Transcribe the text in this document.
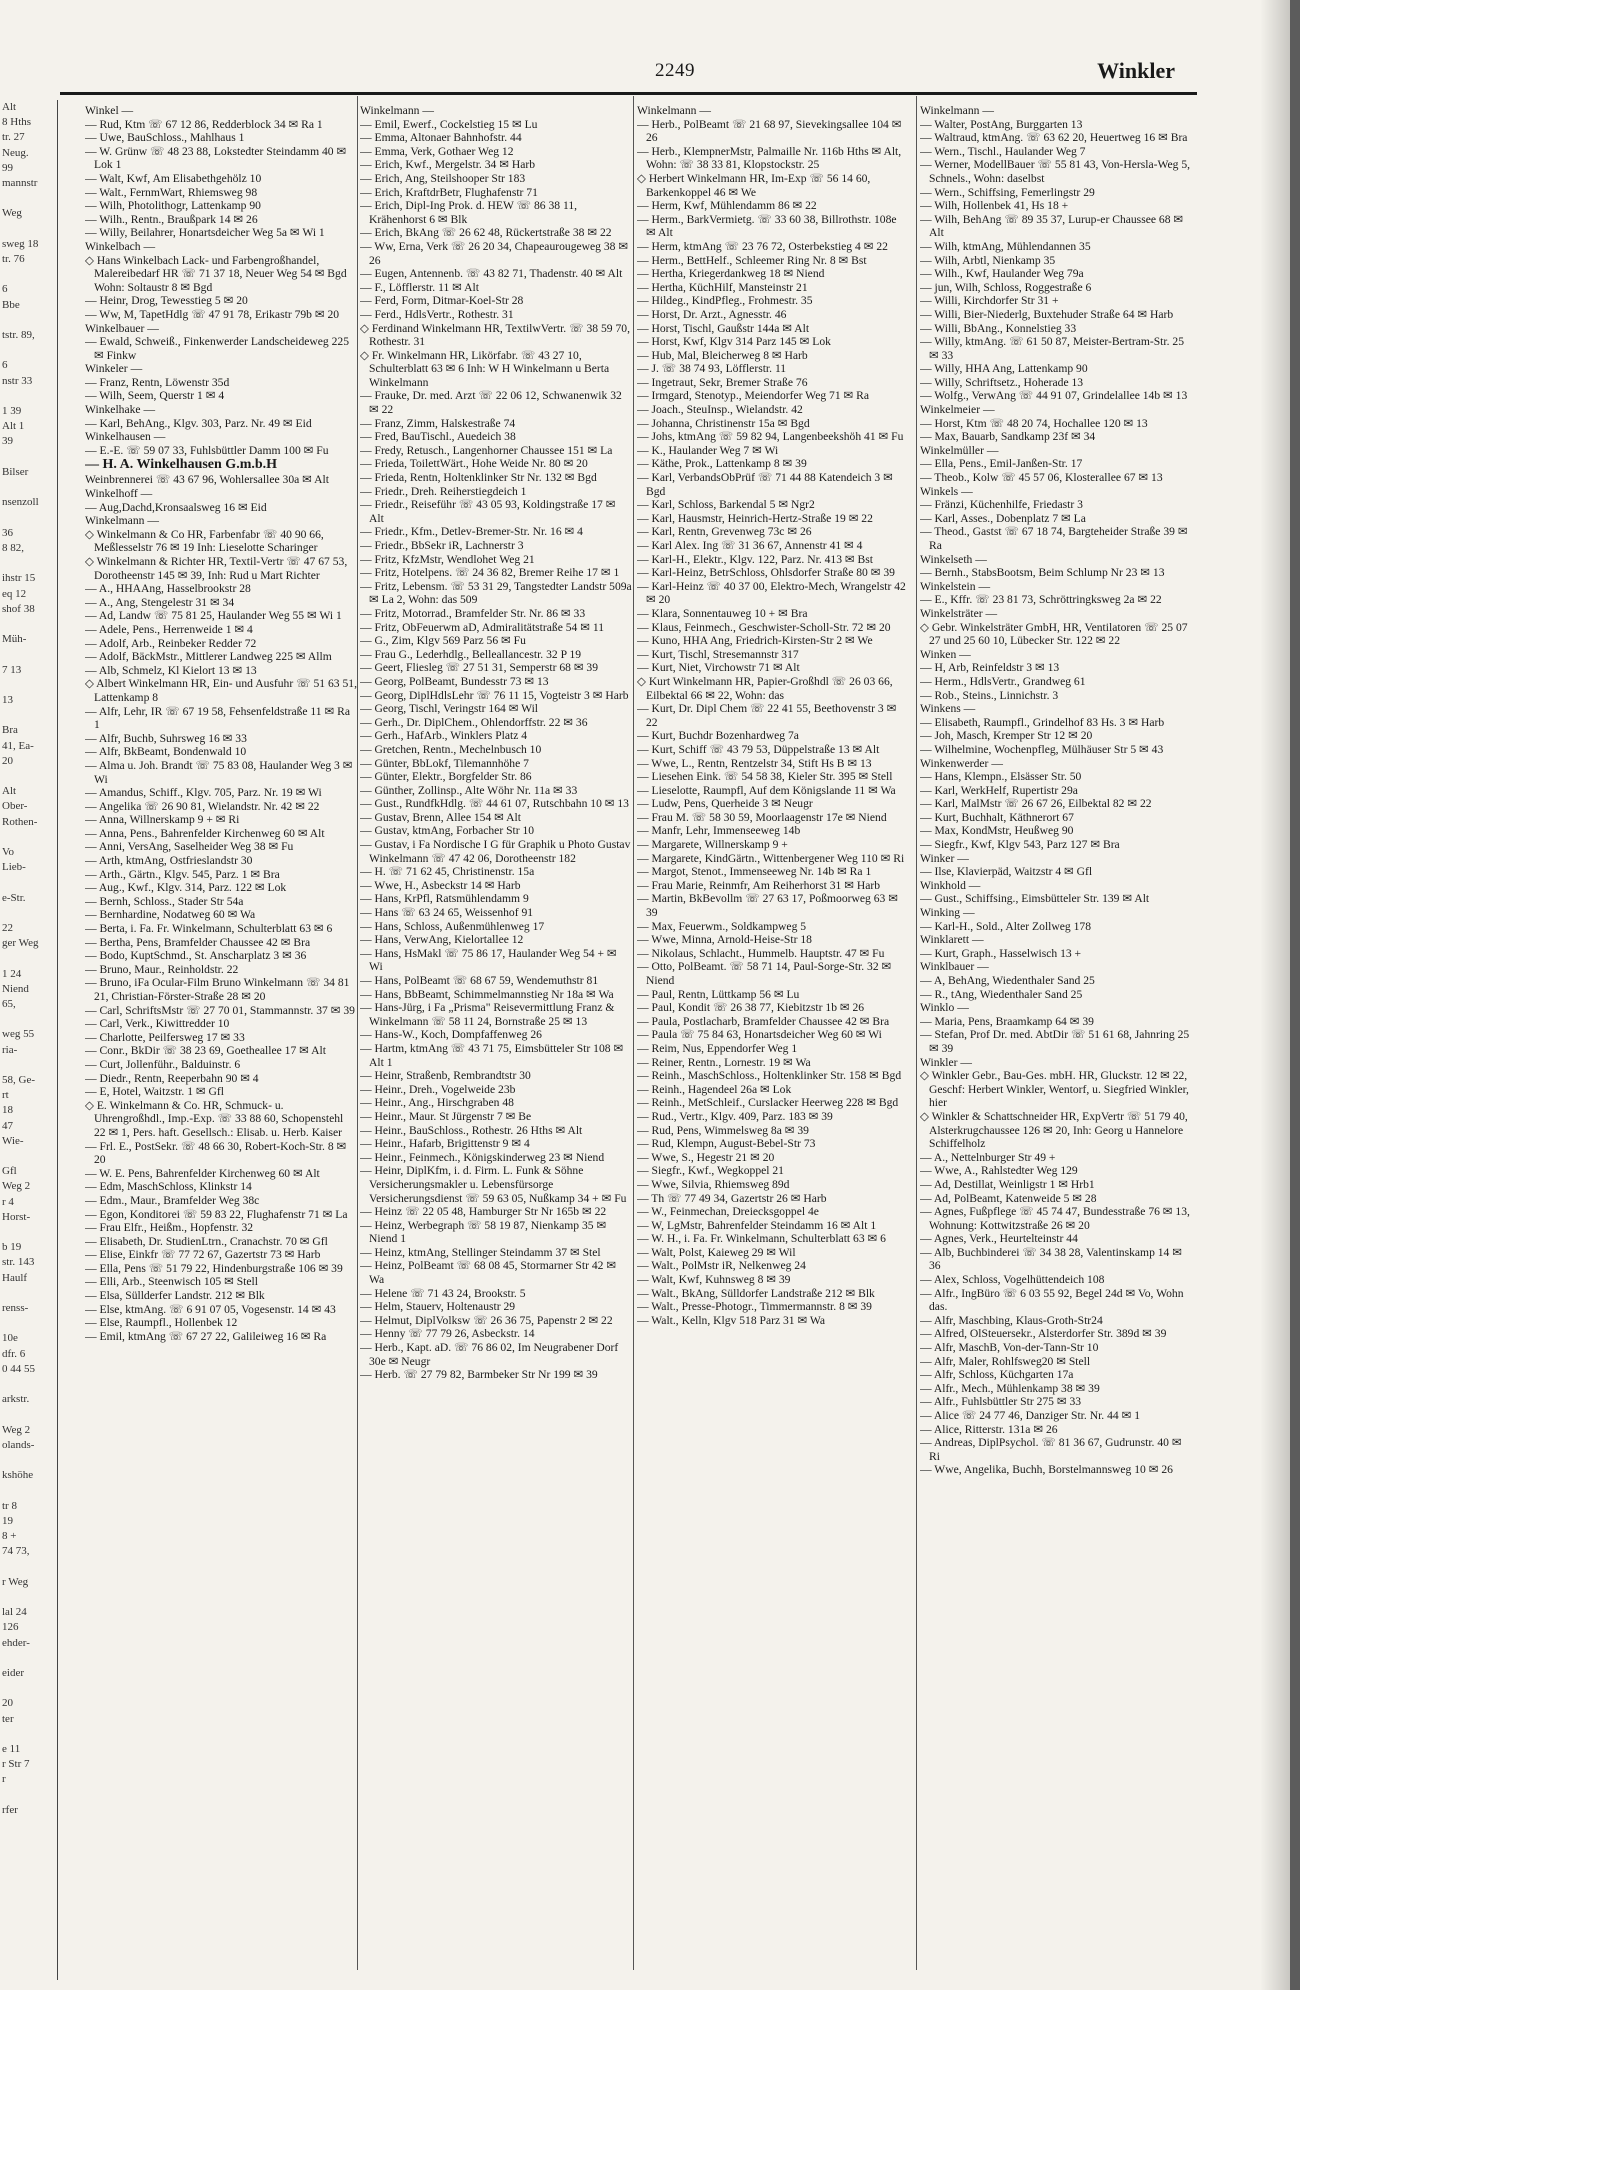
2249	Winkler
Alt
8 Hths
tr. 27
Neug.
99
mannstr

Weg

sweg 18
tr. 76

6
Bbe

tstr. 89,

6
nstr 33

1 39
Alt 1
39

Bilser

nsenzoll

36
8 82,

ihstr 15
eq 12
shof 38

Müh-

7 13

13

Bra
41, Ea-
20

Alt
Ober-
Rothen-

Vo
Lieb-

e-Str.

22
ger Weg

1 24
Niend
65,

weg 55
ria-

58, Ge-
rt
18
47
Wie-

Gfl
Weg 2
r 4
Horst-

b 19
str. 143
Haulf

renss-

10e
dfr. 6
0 44 55

arkstr.

Weg 2
olands-

kshöhe

tr 8
19
8 +
74 73,

r Weg

lal 24
126
ehder-

eider

20
ter

e 11
r Str 7
r

rfer

Winkel —

— Rud, Ktm ☏ 67 12 86, Redderblock 34 ✉ Ra 1

— Uwe, BauSchloss., Mahlhaus 1

— W. Grünw ☏ 48 23 88, Lokstedter Steindamm 40 ✉ Lok 1

— Walt, Kwf, Am Elisabethgehölz 10

— Walt., FernmWart, Rhiemsweg 98

— Wilh, Photolithogr, Lattenkamp 90

— Wilh., Rentn., Braußpark 14 ✉ 26

— Willy, Beilahrer, Honartsdeicher Weg 5a ✉ Wi 1

Winkelbach —

◇ Hans Winkelbach Lack- und Farbengroßhandel, Malereibedarf HR ☏ 71 37 18, Neuer Weg 54 ✉ Bgd Wohn: Soltaustr 8 ✉ Bgd

— Heinr, Drog, Tewesstieg 5 ✉ 20

— Ww, M, TapetHdlg ☏ 47 91 78, Erikastr 79b ✉ 20

Winkelbauer —

— Ewald, Schweiß., Finkenwerder Landscheideweg 225 ✉ Finkw

Winkeler —

— Franz, Rentn, Löwenstr 35d

— Wilh, Seem, Querstr 1 ✉ 4

Winkelhake —

— Karl, BehAng., Klgv. 303, Parz. Nr. 49 ✉ Eid

Winkelhausen —

— E.-E. ☏ 59 07 33, Fuhlsbüttler Damm 100 ✉ Fu

— H. A. Winkelhausen G.m.b.H

Weinbrennerei ☏ 43 67 96, Wohlersallee 30a ✉ Alt

Winkelhoff —

— Aug,Dachd,Kronsaalsweg 16 ✉ Eid

Winkelmann —

◇ Winkelmann & Co HR, Farbenfabr ☏ 40 90 66, Meßlesselstr 76 ✉ 19 Inh: Lieselotte Scharinger

◇ Winkelmann & Richter HR, Textil-Vertr ☏ 47 67 53, Dorotheenstr 145 ✉ 39, Inh: Rud u Mart Richter

— A., HHAAng, Hasselbrookstr 28

— A., Ang, Stengelestr 31 ✉ 34

— Ad, Landw ☏ 75 81 25, Haulander Weg 55 ✉ Wi 1

— Adele, Pens., Herrenweide 1 ✉ 4

— Adolf, Arb., Reinbeker Redder 72

— Adolf, BäckMstr., Mittlerer Landweg 225 ✉ Allm

— Alb, Schmelz, Kl Kielort 13 ✉ 13

◇ Albert Winkelmann HR, Ein- und Ausfuhr ☏ 51 63 51, Lattenkamp 8

— Alfr, Lehr, IR ☏ 67 19 58, Fehsenfeldstraße 11 ✉ Ra 1

— Alfr, Buchb, Suhrsweg 16 ✉ 33

— Alfr, BkBeamt, Bondenwald 10

— Alma u. Joh. Brandt ☏ 75 83 08, Haulander Weg 3 ✉ Wi

— Amandus, Schiff., Klgv. 705, Parz. Nr. 19 ✉ Wi

— Angelika ☏ 26 90 81, Wielandstr. Nr. 42 ✉ 22

— Anna, Willnerskamp 9 + ✉ Ri

— Anna, Pens., Bahrenfelder Kirchenweg 60 ✉ Alt

— Anni, VersAng, Saselheider Weg 38 ✉ Fu

— Arth, ktmAng, Ostfrieslandstr 30

— Arth., Gärtn., Klgv. 545, Parz. 1 ✉ Bra

— Aug., Kwf., Klgv. 314, Parz. 122 ✉ Lok

— Bernh, Schloss., Stader Str 54a

— Bernhardine, Nodatweg 60 ✉ Wa

— Berta, i. Fa. Fr. Winkelmann, Schulterblatt 63 ✉ 6

— Bertha, Pens, Bramfelder Chaussee 42 ✉ Bra

— Bodo, KuptSchmd., St. Anscharplatz 3 ✉ 36

— Bruno, Maur., Reinholdstr. 22

— Bruno, iFa Ocular-Film Bruno Winkelmann ☏ 34 81 21, Christian-Förster-Straße 28 ✉ 20

— Carl, SchriftsMstr ☏ 27 70 01, Stammannstr. 37 ✉ 39

— Carl, Verk., Kiwittredder 10

— Charlotte, Peilfersweg 17 ✉ 33

— Conr., BkDir ☏ 38 23 69, Goetheallee 17 ✉ Alt

— Curt, Jollenführ., Balduinstr. 6

— Diedr., Rentn, Reeperbahn 90 ✉ 4

— E, Hotel, Waitzstr. 1 ✉ Gfl

◇ E. Winkelmann & Co. HR, Schmuck- u. Uhrengroßhdl., Imp.-Exp. ☏ 33 88 60, Schopenstehl 22 ✉ 1, Pers. haft. Gesellsch.: Elisab. u. Herb. Kaiser

— Frl. E., PostSekr. ☏ 48 66 30, Robert-Koch-Str. 8 ✉ 20

— W. E. Pens, Bahrenfelder Kirchenweg 60 ✉ Alt

— Edm, MaschSchloss, Klinkstr 14

— Edm., Maur., Bramfelder Weg 38c

— Egon, Konditorei ☏ 59 83 22, Flughafenstr 71 ✉ La

— Frau Elfr., Heißm., Hopfenstr. 32

— Elisabeth, Dr. StudienLtrn., Cranachstr. 70 ✉ Gfl

— Elise, Einkfr ☏ 77 72 67, Gazertstr 73 ✉ Harb

— Ella, Pens ☏ 51 79 22, Hindenburgstraße 106 ✉ 39

— Elli, Arb., Steenwisch 105 ✉ Stell

— Elsa, Süllderfer Landstr. 212 ✉ Blk

— Else, ktmAng. ☏ 6 91 07 05, Vogesenstr. 14 ✉ 43

— Else, Raumpfl., Hollenbek 12

— Emil, ktmAng ☏ 67 27 22, Galileiweg 16 ✉ Ra

Winkelmann —

— Emil, Ewerf., Cockelstieg 15 ✉ Lu

— Emma, Altonaer Bahnhofstr. 44

— Emma, Verk, Gothaer Weg 12

— Erich, Kwf., Mergelstr. 34 ✉ Harb

— Erich, Ang, Steilshooper Str 183

— Erich, KraftdrBetr, Flughafenstr 71

— Erich, Dipl-Ing Prok. d. HEW ☏ 86 38 11, Krähenhorst 6 ✉ Blk

— Erich, BkAng ☏ 26 62 48, Rückertstraße 38 ✉ 22

— Ww, Erna, Verk ☏ 26 20 34, Chapeaurougeweg 38 ✉ 26

— Eugen, Antennenb. ☏ 43 82 71, Thadenstr. 40 ✉ Alt

— F., Löfflerstr. 11 ✉ Alt

— Ferd, Form, Ditmar-Koel-Str 28

— Ferd., HdlsVertr., Rothestr. 31

◇ Ferdinand Winkelmann HR, TextilwVertr. ☏ 38 59 70, Rothestr. 31

◇ Fr. Winkelmann HR, Likörfabr. ☏ 43 27 10, Schulterblatt 63 ✉ 6 Inh: W H Winkelmann u Berta Winkelmann

— Frauke, Dr. med. Arzt ☏ 22 06 12, Schwanenwik 32 ✉ 22

— Franz, Zimm, Halskestraße 74

— Fred, BauTischl., Auedeich 38

— Fredy, Retusch., Langenhorner Chaussee 151 ✉ La

— Frieda, ToilettWärt., Hohe Weide Nr. 80 ✉ 20

— Frieda, Rentn, Holtenklinker Str Nr. 132 ✉ Bgd

— Friedr., Dreh. Reiherstiegdeich 1

— Friedr., Reiseführ ☏ 43 05 93, Koldingstraße 17 ✉ Alt

— Friedr., Kfm., Detlev-Bremer-Str. Nr. 16 ✉ 4

— Friedr., BbSekr iR, Lachnerstr 3

— Fritz, KfzMstr, Wendlohet Weg 21

— Fritz, Hotelpens. ☏ 24 36 82, Bremer Reihe 17 ✉ 1

— Fritz, Lebensm. ☏ 53 31 29, Tangstedter Landstr 509a ✉ La 2, Wohn: das 509

— Fritz, Motorrad., Bramfelder Str. Nr. 86 ✉ 33

— Fritz, ObFeuerwm aD, Admiralitätstraße 54 ✉ 11

— G., Zim, Klgv 569 Parz 56 ✉ Fu

— Frau G., Lederhdlg., Belleallancestr. 32 P 19

— Geert, Fliesleg ☏ 27 51 31, Semperstr 68 ✉ 39

— Georg, PolBeamt, Bundesstr 73 ✉ 13

— Georg, DiplHdlsLehr ☏ 76 11 15, Vogteistr 3 ✉ Harb

— Georg, Tischl, Veringstr 164 ✉ Wil

— Gerh., Dr. DiplChem., Ohlendorffstr. 22 ✉ 36

— Gerh., HafArb., Winklers Platz 4

— Gretchen, Rentn., Mechelnbusch 10

— Günter, BbLokf, Tilemannhöhe 7

— Günter, Elektr., Borgfelder Str. 86

— Günther, Zollinsp., Alte Wöhr Nr. 11a ✉ 33

— Gust., RundfkHdlg. ☏ 44 61 07, Rutschbahn 10 ✉ 13

— Gustav, Brenn, Allee 154 ✉ Alt

— Gustav, ktmAng, Forbacher Str 10

— Gustav, i Fa Nordische I G für Graphik u Photo Gustav Winkelmann ☏ 47 42 06, Dorotheenstr 182

— H. ☏ 71 62 45, Christinenstr. 15a

— Wwe, H., Asbeckstr 14 ✉ Harb

— Hans, KrPfl, Ratsmühlendamm 9

— Hans ☏ 63 24 65, Weissenhof 91

— Hans, Schloss, Außenmühlenweg 17

— Hans, VerwAng, Kielortallee 12

— Hans, HsMakl ☏ 75 86 17, Haulander Weg 54 + ✉ Wi

— Hans, PolBeamt ☏ 68 67 59, Wendemuthstr 81

— Hans, BbBeamt, Schimmelmannstieg Nr 18a ✉ Wa

— Hans-Jürg, i Fa „Prisma" Reisevermittlung Franz & Winkelmann ☏ 58 11 24, Bornstraße 25 ✉ 13

— Hans-W., Koch, Dompfaffenweg 26

— Hartm, ktmAng ☏ 43 71 75, Eimsbütteler Str 108 ✉ Alt 1

— Heinr, Straßenb, Rembrandtstr 30

— Heinr., Dreh., Vogelweide 23b

— Heinr., Ang., Hirschgraben 48

— Heinr., Maur. St Jürgenstr 7 ✉ Be

— Heinr., BauSchloss., Rothestr. 26 Hths ✉ Alt

— Heinr., Hafarb, Brigittenstr 9 ✉ 4

— Heinr., Feinmech., Königskinderweg 23 ✉ Niend

— Heinr, DiplKfm, i. d. Firm. L. Funk & Söhne Versicherungsmakler u. Lebensfürsorge Versicherungsdienst ☏ 59 63 05, Nußkamp 34 + ✉ Fu

— Heinz ☏ 22 05 48, Hamburger Str Nr 165b ✉ 22

— Heinz, Werbegraph ☏ 58 19 87, Nienkamp 35 ✉ Niend 1

— Heinz, ktmAng, Stellinger Steindamm 37 ✉ Stel

— Heinz, PolBeamt ☏ 68 08 45, Stormarner Str 42 ✉ Wa

— Helene ☏ 71 43 24, Brookstr. 5

— Helm, Stauerv, Holtenaustr 29

— Helmut, DiplVolksw ☏ 26 36 75, Papenstr 2 ✉ 22

— Henny ☏ 77 79 26, Asbeckstr. 14

— Herb., Kapt. aD. ☏ 76 86 02, Im Neugrabener Dorf 30e ✉ Neugr

— Herb. ☏ 27 79 82, Barmbeker Str Nr 199 ✉ 39

Winkelmann —

— Herb., PolBeamt ☏ 21 68 97, Sievekingsallee 104 ✉ 26

— Herb., KlempnerMstr, Palmaille Nr. 116b Hths ✉ Alt, Wohn: ☏ 38 33 81, Klopstockstr. 25

◇ Herbert Winkelmann HR, Im-Exp ☏ 56 14 60, Barkenkoppel 46 ✉ We

— Herm, Kwf, Mühlendamm 86 ✉ 22

— Herm., BarkVermietg. ☏ 33 60 38, Billrothstr. 108e ✉ Alt

— Herm, ktmAng ☏ 23 76 72, Osterbekstieg 4 ✉ 22

— Herm., BettHelf., Schleemer Ring Nr. 8 ✉ Bst

— Hertha, Kriegerdankweg 18 ✉ Niend

— Hertha, KüchHilf, Mansteinstr 21

— Hildeg., KindPfleg., Frohmestr. 35

— Horst, Dr. Arzt., Agnesstr. 46

— Horst, Tischl, Gaußstr 144a ✉ Alt

— Horst, Kwf, Klgv 314 Parz 145 ✉ Lok

— Hub, Mal, Bleicherweg 8 ✉ Harb

— J. ☏ 38 74 93, Löfflerstr. 11

— Ingetraut, Sekr, Bremer Straße 76

— Irmgard, Stenotyp., Meiendorfer Weg 71 ✉ Ra

— Joach., SteuInsp., Wielandstr. 42

— Johanna, Christinenstr 15a ✉ Bgd

— Johs, ktmAng ☏ 59 82 94, Langenbeekshöh 41 ✉ Fu

— K., Haulander Weg 7 ✉ Wi

— Käthe, Prok., Lattenkamp 8 ✉ 39

— Karl, VerbandsObPrüf ☏ 71 44 88 Katendeich 3 ✉ Bgd

— Karl, Schloss, Barkendal 5 ✉ Ngr2

— Karl, Hausmstr, Heinrich-Hertz-Straße 19 ✉ 22

— Karl, Rentn, Grevenweg 73c ✉ 26

— Karl Alex. Ing ☏ 31 36 67, Annenstr 41 ✉ 4

— Karl-H., Elektr., Klgv. 122, Parz. Nr. 413 ✉ Bst

— Karl-Heinz, BetrSchloss, Ohlsdorfer Straße 80 ✉ 39

— Karl-Heinz ☏ 40 37 00, Elektro-Mech, Wrangelstr 42 ✉ 20

— Klara, Sonnentauweg 10 + ✉ Bra

— Klaus, Feinmech., Geschwister-Scholl-Str. 72 ✉ 20

— Kuno, HHA Ang, Friedrich-Kirsten-Str 2 ✉ We

— Kurt, Tischl, Stresemannstr 317

— Kurt, Niet, Virchowstr 71 ✉ Alt

◇ Kurt Winkelmann HR, Papier-Großhdl ☏ 26 03 66, Eilbektal 66 ✉ 22, Wohn: das

— Kurt, Dr. Dipl Chem ☏ 22 41 55, Beethovenstr 3 ✉ 22

— Kurt, Buchdr Bozenhardweg 7a

— Kurt, Schiff ☏ 43 79 53, Düppelstraße 13 ✉ Alt

— Wwe, L., Rentn, Rentzelstr 34, Stift Hs B ✉ 13

— Liesehen Eink. ☏ 54 58 38, Kieler Str. 395 ✉ Stell

— Lieselotte, Raumpfl, Auf dem Königslande 11 ✉ Wa

— Ludw, Pens, Querheide 3 ✉ Neugr

— Frau M. ☏ 58 30 59, Moorlaagenstr 17e ✉ Niend

— Manfr, Lehr, Immenseeweg 14b

— Margarete, Willnerskamp 9 +

— Margarete, KindGärtn., Wittenbergener Weg 110 ✉ Ri

— Margot, Stenot., Immenseeweg Nr. 14b ✉ Ra 1

— Frau Marie, Reinmfr, Am Reiherhorst 31 ✉ Harb

— Martin, BkBevollm ☏ 27 63 17, Poßmoorweg 63 ✉ 39

— Max, Feuerwm., Soldkampweg 5

— Wwe, Minna, Arnold-Heise-Str 18

— Nikolaus, Schlacht., Hummelb. Hauptstr. 47 ✉ Fu

— Otto, PolBeamt. ☏ 58 71 14, Paul-Sorge-Str. 32 ✉ Niend

— Paul, Rentn, Lüttkamp 56 ✉ Lu

— Paul, Kondit ☏ 26 38 77, Kiebitzstr 1b ✉ 26

— Paula, Postlacharb, Bramfelder Chaussee 42 ✉ Bra

— Paula ☏ 75 84 63, Honartsdeicher Weg 60 ✉ Wi

— Reim, Nus, Eppendorfer Weg 1

— Reiner, Rentn., Lornestr. 19 ✉ Wa

— Reinh., MaschSchloss., Holtenklinker Str. 158 ✉ Bgd

— Reinh., Hagendeel 26a ✉ Lok

— Reinh., MetSchleif., Curslacker Heerweg 228 ✉ Bgd

— Rud., Vertr., Klgv. 409, Parz. 183 ✉ 39

— Rud, Pens, Wimmelsweg 8a ✉ 39

— Rud, Klempn, August-Bebel-Str 73

— Wwe, S., Hegestr 21 ✉ 20

— Siegfr., Kwf., Wegkoppel 21

— Wwe, Silvia, Rhiemsweg 89d

— Th ☏ 77 49 34, Gazertstr 26 ✉ Harb

— W., Feinmechan, Dreiecksgoppel 4e

— W, LgMstr, Bahrenfelder Steindamm 16 ✉ Alt 1

— W. H., i. Fa. Fr. Winkelmann, Schulterblatt 63 ✉ 6

— Walt, Polst, Kaieweg 29 ✉ Wil

— Walt., PolMstr iR, Nelkenweg 24

— Walt, Kwf, Kuhnsweg 8 ✉ 39

— Walt., BkAng, Sülldorfer Landstraße 212 ✉ Blk

— Walt., Presse-Photogr., Timmermannstr. 8 ✉ 39

— Walt., Kelln, Klgv 518 Parz 31 ✉ Wa

Winkelmann —

— Walter, PostAng, Burggarten 13

— Waltraud, ktmAng. ☏ 63 62 20, Heuertweg 16 ✉ Bra

— Wern., Tischl., Haulander Weg 7

— Werner, ModellBauer ☏ 55 81 43, Von-Hersla-Weg 5, Schnels., Wohn: daselbst

— Wern., Schiffsing, Femerlingstr 29

— Wilh, Hollenbek 41, Hs 18 +

— Wilh, BehAng ☏ 89 35 37, Lurup-er Chaussee 68 ✉ Alt

— Wilh, ktmAng, Mühlendannen 35

— Wilh, Arbtl, Nienkamp 35

— Wilh., Kwf, Haulander Weg 79a

— jun, Wilh, Schloss, Roggestraße 6

— Willi, Kirchdorfer Str 31 +

— Willi, Bier-Niederlg, Buxtehuder Straße 64 ✉ Harb

— Willi, BbAng., Konnelstieg 33

— Willy, ktmAng. ☏ 61 50 87, Meister-Bertram-Str. 25 ✉ 33

— Willy, HHA Ang, Lattenkamp 90

— Willy, Schriftsetz., Hoherade 13

— Wolfg., VerwAng ☏ 44 91 07, Grindelallee 14b ✉ 13

Winkelmeier —

— Horst, Ktm ☏ 48 20 74, Hochallee 120 ✉ 13

— Max, Bauarb, Sandkamp 23f ✉ 34

Winkelmüller —

— Ella, Pens., Emil-Janßen-Str. 17

— Theob., Kolw ☏ 45 57 06, Klosterallee 67 ✉ 13

Winkels —

— Fränzi, Küchenhilfe, Friedastr 3

— Karl, Asses., Dobenplatz 7 ✉ La

— Theod., Gastst ☏ 67 18 74, Bargteheider Straße 39 ✉ Ra

Winkelseth —

— Bernh., StabsBootsm, Beim Schlump Nr 23 ✉ 13

Winkelstein —

— E., Kffr. ☏ 23 81 73, Schröttringksweg 2a ✉ 22

Winkelsträter —

◇ Gebr. Winkelsträter GmbH, HR, Ventilatoren ☏ 25 07 27 und 25 60 10, Lübecker Str. 122 ✉ 22

Winken —

— H, Arb, Reinfeldstr 3 ✉ 13

— Herm., HdlsVertr., Grandweg 61

— Rob., Steins., Linnichstr. 3

Winkens —

— Elisabeth, Raumpfl., Grindelhof 83 Hs. 3 ✉ Harb

— Joh, Masch, Kremper Str 12 ✉ 20

— Wilhelmine, Wochenpfleg, Mülhäuser Str 5 ✉ 43

Winkenwerder —

— Hans, Klempn., Elsässer Str. 50

— Karl, WerkHelf, Rupertistr 29a

— Karl, MalMstr ☏ 26 67 26, Eilbektal 82 ✉ 22

— Kurt, Buchhalt, Käthnerort 67

— Max, KondMstr, Heußweg 90

— Siegfr., Kwf, Klgv 543, Parz 127 ✉ Bra

Winker —

— Ilse, Klavierpäd, Waitzstr 4 ✉ Gfl

Winkhold —

— Gust., Schiffsing., Eimsbütteler Str. 139 ✉ Alt

Winking —

— Karl-H., Sold., Alter Zollweg 178

Winklarett —

— Kurt, Graph., Hasselwisch 13 +

Winklbauer —

— A, BehAng, Wiedenthaler Sand 25

— R., tAng, Wiedenthaler Sand 25

Winklo —

— Maria, Pens, Braamkamp 64 ✉ 39

— Stefan, Prof Dr. med. AbtDir ☏ 51 61 68, Jahnring 25 ✉ 39

Winkler —

◇ Winkler Gebr., Bau-Ges. mbH. HR, Gluckstr. 12 ✉ 22, Geschf: Herbert Winkler, Wentorf, u. Siegfried Winkler, hier

◇ Winkler & Schattschneider HR, ExpVertr ☏ 51 79 40, Alsterkrugchaussee 126 ✉ 20, Inh: Georg u Hannelore Schiffelholz

— A., Nettelnburger Str 49 +

— Wwe, A., Rahlstedter Weg 129

— Ad, Destillat, Weinligstr 1 ✉ Hrb1

— Ad, PolBeamt, Katenweide 5 ✉ 28

— Agnes, Fußpflege ☏ 45 74 47, Bundesstraße 76 ✉ 13, Wohnung: Kottwitzstraße 26 ✉ 20

— Agnes, Verk., Heurtelteinstr 44

— Alb, Buchbinderei ☏ 34 38 28, Valentinskamp 14 ✉ 36

— Alex, Schloss, Vogelhüttendeich 108

— Alfr., IngBüro ☏ 6 03 55 92, Begel 24d ✉ Vo, Wohn das.

— Alfr, Maschbing, Klaus-Groth-Str24

— Alfred, OlSteuersekr., Alsterdorfer Str. 389d ✉ 39

— Alfr, MaschB, Von-der-Tann-Str 10

— Alfr, Maler, Rohlfsweg20 ✉ Stell

— Alfr, Schloss, Küchgarten 17a

— Alfr., Mech., Mühlenkamp 38 ✉ 39

— Alfr., Fuhlsbüttler Str 275 ✉ 33

— Alice ☏ 24 77 46, Danziger Str. Nr. 44 ✉ 1

— Alice, Ritterstr. 131a ✉ 26

— Andreas, DiplPsychol. ☏ 81 36 67, Gudrunstr. 40 ✉ Ri

— Wwe, Angelika, Buchh, Borstelmannsweg 10 ✉ 26
